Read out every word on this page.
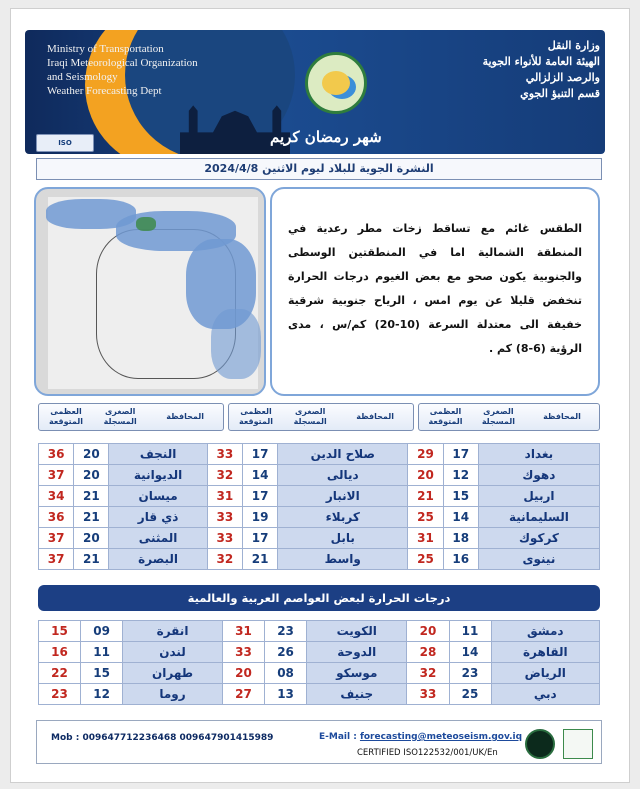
Ministry of Transportation
Iraqi Meteorological Organization
and Seismology
Weather Forecasting Dept
وزارة النقل
الهيئة العامة للأنواء الجوية
والرصد الزلزالي
قسم التنبؤ الجوي
شهر رمضان كريم
ISO
النشرة الجوية للبلاد ليوم الاثنين 2024/4/8
الطقس غائم مع تساقط زخات مطر رعدية في المنطقة الشمالية اما في المنطقتين الوسطى والجنوبية يكون صحو مع بعض الغيوم درجات الحرارة تنخفض قليلا عن يوم امس ، الرياح جنوبية شرقية خفيفة الى معتدلة السرعة (10-20) كم/س ، مدى الرؤية (6-8) كم .
المحافظة
الصغرى المسجلة
العظمى المتوقعة
المحافظة
الصغرى المسجلة
العظمى المتوقعة
المحافظة
الصغرى المسجلة
العظمى المتوقعة
36	20	النجف	33	17	صلاح الدين	29	17	بغداد
37	20	الديوانية	32	14	ديالى	20	12	دهوك
34	21	ميسان	31	17	الانبار	21	15	اربيل
36	21	ذي قار	33	19	كربلاء	25	14	السليمانية
37	20	المثنى	33	17	بابل	31	18	كركوك
37	21	البصرة	32	21	واسط	25	16	نينوى
درجات الحرارة لبعض العواصم العربية والعالمية
15	09	انقرة	31	23	الكويت	20	11	دمشق
16	11	لندن	33	26	الدوحة	28	14	القاهرة
22	15	طهران	20	08	موسكو	32	23	الرياض
23	12	روما	27	13	جنيف	33	25	دبي
Mob : 009647712236468 009647901415989	E-Mail : forecasting@meteoseism.gov.iq
CERTIFIED ISO122532/001/UK/En
